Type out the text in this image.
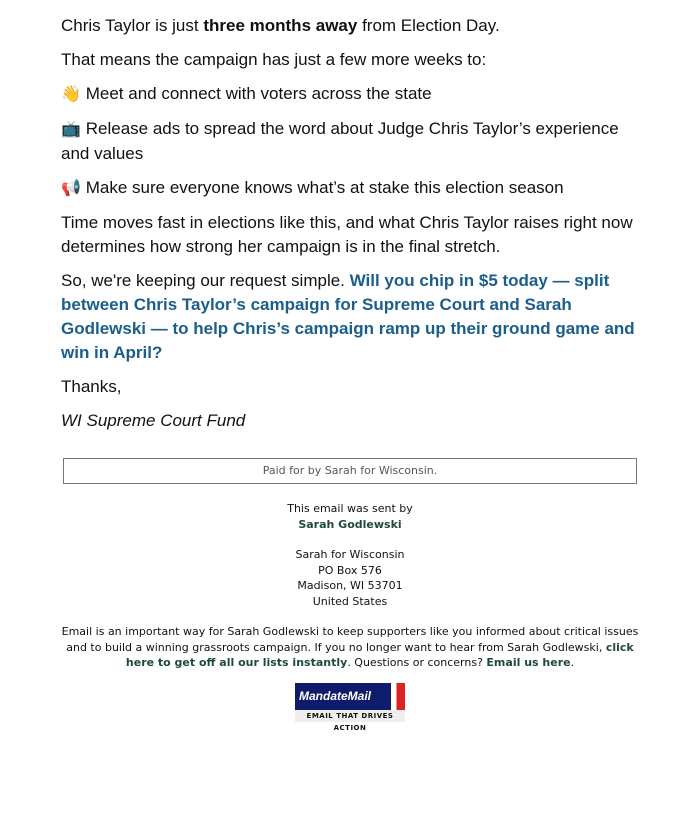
Chris Taylor is just three months away from Election Day.

That means the campaign has just a few more weeks to:

👋 Meet and connect with voters across the state

📺 Release ads to spread the word about Judge Chris Taylor’s experience and values

📢 Make sure everyone knows what’s at stake this election season

Time moves fast in elections like this, and what Chris Taylor raises right now determines how strong her campaign is in the final stretch.

So, we're keeping our request simple. Will you chip in $5 today — split between Chris Taylor’s campaign for Supreme Court and Sarah Godlewski — to help Chris’s campaign ramp up their ground game and win in April?

Thanks,

WI Supreme Court Fund

Paid for by Sarah for Wisconsin.
This email was sent by
Sarah Godlewski
Sarah for Wisconsin
PO Box 576
Madison, WI 53701
United States
Email is an important way for Sarah Godlewski to keep supporters like you informed about critical issues and to build a winning grassroots campaign. If you no longer want to hear from Sarah Godlewski, click here to get off all our lists instantly. Questions or concerns? Email us here.
MandateMail
EMAIL THAT DRIVES ACTION
